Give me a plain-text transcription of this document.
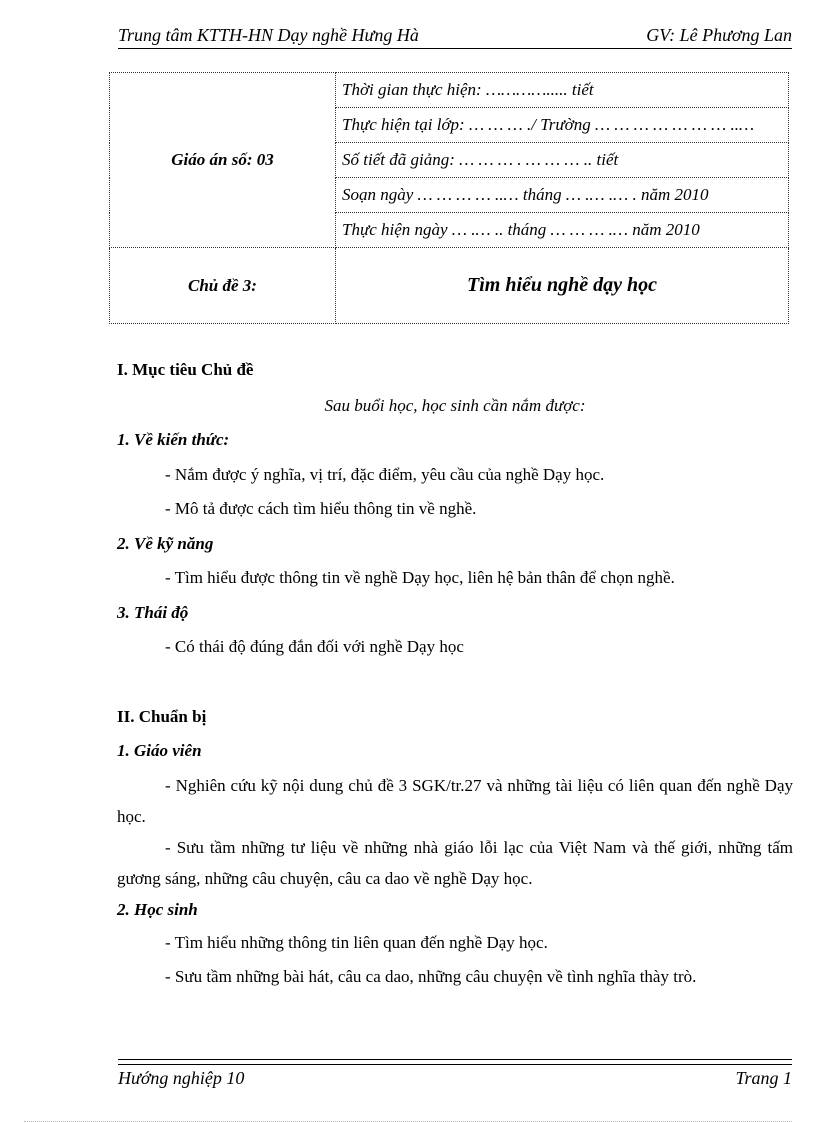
Trung tâm KTTH-HN Dạy nghề Hưng Hà	GV: Lê Phương Lan
Giáo án số: 03	Thời gian thực hiện: …………..... tiết
	Thực hiện tại lớp: … … … ./ Trường … … … … … … … ..…
	Số tiết đã giảng: … … … . … … … .. tiết
	Soạn ngày … … … … ..… tháng … .… .… . năm 2010
	Thực hiện ngày … .… .. tháng … … … .… năm 2010
Chủ đề 3:	Tìm hiểu nghề dạy học
I. Mục tiêu Chủ đề
Sau buổi học, học sinh cần nắm được:
1. Về kiến thức:
- Nắm được ý nghĩa, vị trí, đặc điểm, yêu cầu của nghề Dạy học.
- Mô tả được cách tìm hiểu thông tin về nghề.
2. Về kỹ năng
- Tìm hiểu được thông tin về nghề Dạy học, liên hệ bản thân để chọn nghề.
3. Thái độ
- Có thái độ đúng đắn đối với nghề Dạy học
II. Chuẩn bị
1. Giáo viên
- Nghiên cứu kỹ nội dung chủ đề 3 SGK/tr.27 và những tài liệu có liên quan đến nghề Dạy học.
- Sưu tầm những tư liệu về những nhà giáo lỗi lạc của Việt Nam và thế giới, những tấm gương sáng, những câu chuyện, câu ca dao về nghề Dạy học.
2. Học sinh
- Tìm hiểu những thông tin liên quan đến nghề Dạy học.
- Sưu tầm những bài hát, câu ca dao, những câu chuyện về tình nghĩa thày trò.
Hướng nghiệp 10	Trang 1
